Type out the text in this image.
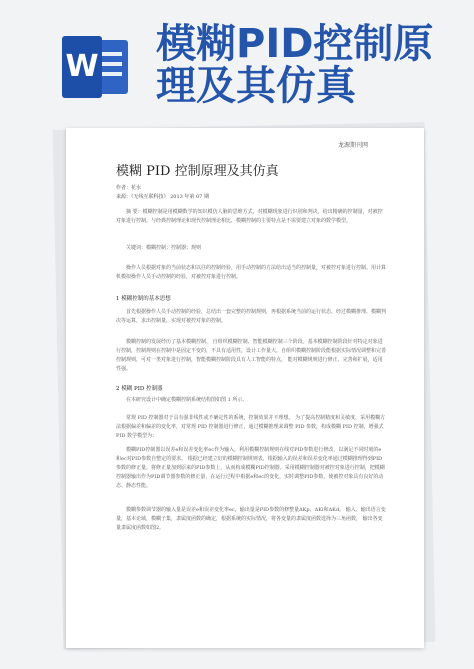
W 模糊PID控制原
理及其仿真
龙源期刊网
模糊 PID 控制原理及其仿真
作者：花水
来源：《无线互联科技》 2013 年第 07 期
摘 要：模糊控制是用模糊数学的知识模仿人脑的思维方式，对模糊现象进行识别和判决，给出精确的控制量，对被控对象进行控制。与经典控制理论和现代控制理论相比，模糊控制的主要特点是不需要建立对象的数学模型。
关键词：模糊控制；控制器；规则
操作人员根据对象的当前状态和以往的控制经验，用手动控制的方法给出适当的控制量，对被控对象进行控制。用计算机模拟操作人员手动控制的经验，对被控对象进行控制。
1 模糊控制的基本思想
首先根据操作人员手动控制的经验，总结出一套完整的控制规则，再根据系统当前的运行状态，经过模糊推理、模糊判决等运算，求出控制量，实现对被控对象的控制。
模糊控制的发展经历了基本模糊控制、 自组织模糊控制、智能模糊控制三个阶段。基本模糊控制阶段针对特定对象进行控制，控制规则在控制中是固定不变的，不具有适用性，设计工作量大。自组织模糊控制阶段能根据实际情况调整和完善控制规则，可对一类对象进行控制，智能模糊控制阶段具有人工智能的特点， 能对模糊规则进行修正、完善和扩展，适用性强。
2 模糊 PID 控制器
在本研究设计中确定模糊控制系统结构图如图 1 所示。
常规 PID 控制器对于具有强非线性或不确定性的系统，控制效果并不理想。 为了提高控制精度和灵敏度，采用模糊方法根据偏差和偏差的变化率，对常规 PID 控制器进行修正，通过模糊推理来调整 PID 参数，构成模糊 PID 控制，增强式 PID 数学模型为：
模糊PID控制器以误差e和误差变化率ec作为输入，利用模糊控制规则在线对PID参数进行修改，以满足不同时刻的e和ec对PID参数自整定的要求。 根据已经建立好的模糊控制规则表，根据输入的误差和误差变化率通过模糊推理得到PID参数的修正量，将修正量加到原来的PID参数上，从而构成模糊PID控制器。采用模糊控制器对被控对象进行控制，把模糊控制器输出作为PID调节器参数的修正量，在运行过程中根据e和ec的变化，实时调整PID参数，使被控对象具有良好的动态、静态性能。
模糊参数调节器的输入量是误差e和误差变化率ec，输出量是PID参数的修整量ΔKp、ΔKi和ΔKd。 输入、输出语言变量，基本论域，模糊子集，隶属度函数的确定，根据系统的实际情况，将各变量的隶属度函数选择为三角函数， 输出各变量隶属度函数如图2。
